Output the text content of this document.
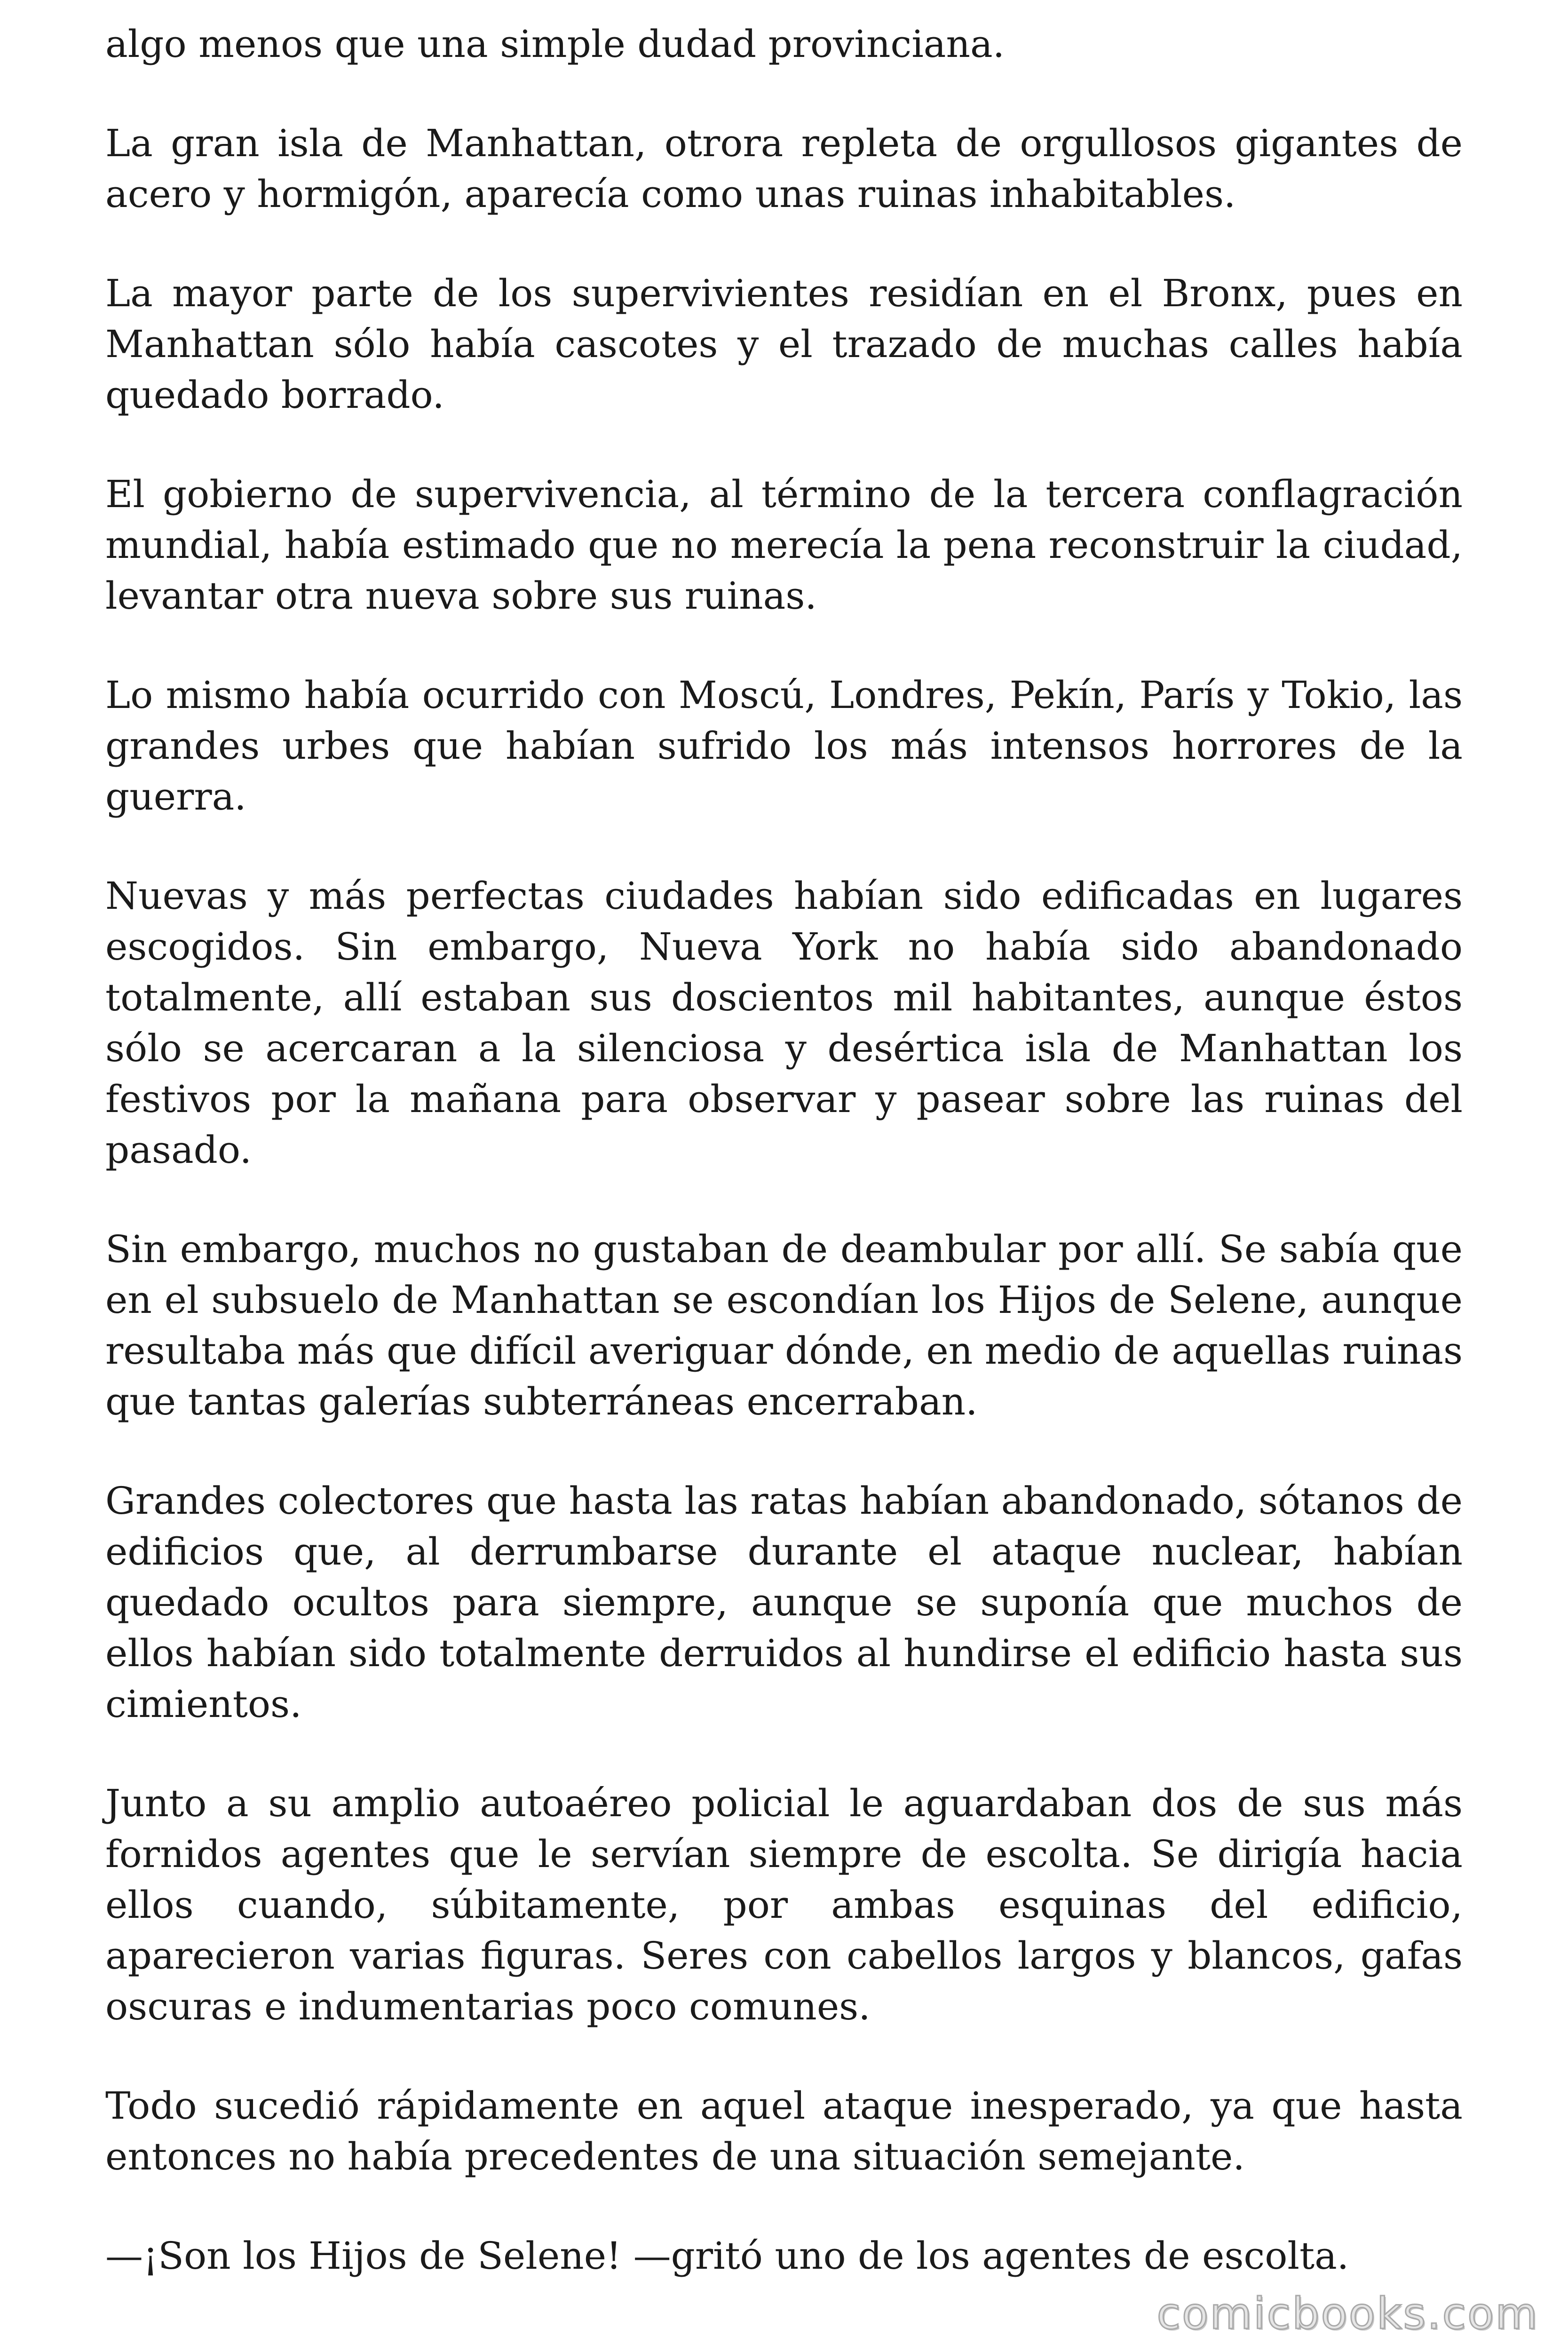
algo menos que una simple dudad provinciana.

La gran isla de Manhattan, otrora repleta de orgullosos gigantes de acero y hormigón, aparecía como unas ruinas inhabitables.

La mayor parte de los supervivientes residían en el Bronx, pues en Manhattan sólo había cascotes y el trazado de muchas calles había quedado borrado.

El gobierno de supervivencia, al término de la tercera conflagración mundial, había estimado que no merecía la pena reconstruir la ciudad, levantar otra nueva sobre sus ruinas.

Lo mismo había ocurrido con Moscú, Londres, Pekín, París y Tokio, las grandes urbes que habían sufrido los más intensos horrores de la guerra.

Nuevas y más perfectas ciudades habían sido edificadas en lugares escogidos. Sin embargo, Nueva York no había sido abandonado totalmente, allí estaban sus doscientos mil habitantes, aunque éstos sólo se acercaran a la silenciosa y desértica isla de Manhattan los festivos por la mañana para observar y pasear sobre las ruinas del pasado.

Sin embargo, muchos no gustaban de deambular por allí. Se sabía que en el subsuelo de Manhattan se escondían los Hijos de Selene, aunque resultaba más que difícil averiguar dónde, en medio de aquellas ruinas que tantas galerías subterráneas encerraban.

Grandes colectores que hasta las ratas habían abandonado, sótanos de edificios que, al derrumbarse durante el ataque nuclear, habían quedado ocultos para siempre, aunque se suponía que muchos de ellos habían sido totalmente derruidos al hundirse el edificio hasta sus cimientos.

Junto a su amplio autoaéreo policial le aguardaban dos de sus más fornidos agentes que le servían siempre de escolta. Se dirigía hacia ellos cuando, súbitamente, por ambas esquinas del edificio, aparecieron varias figuras. Seres con cabellos largos y blancos, gafas oscuras e indumentarias poco comunes.

Todo sucedió rápidamente en aquel ataque inesperado, ya que hasta entonces no había precedentes de una situación semejante.

—¡Son los Hijos de Selene! —gritó uno de los agentes de escolta.

comicbooks.com
